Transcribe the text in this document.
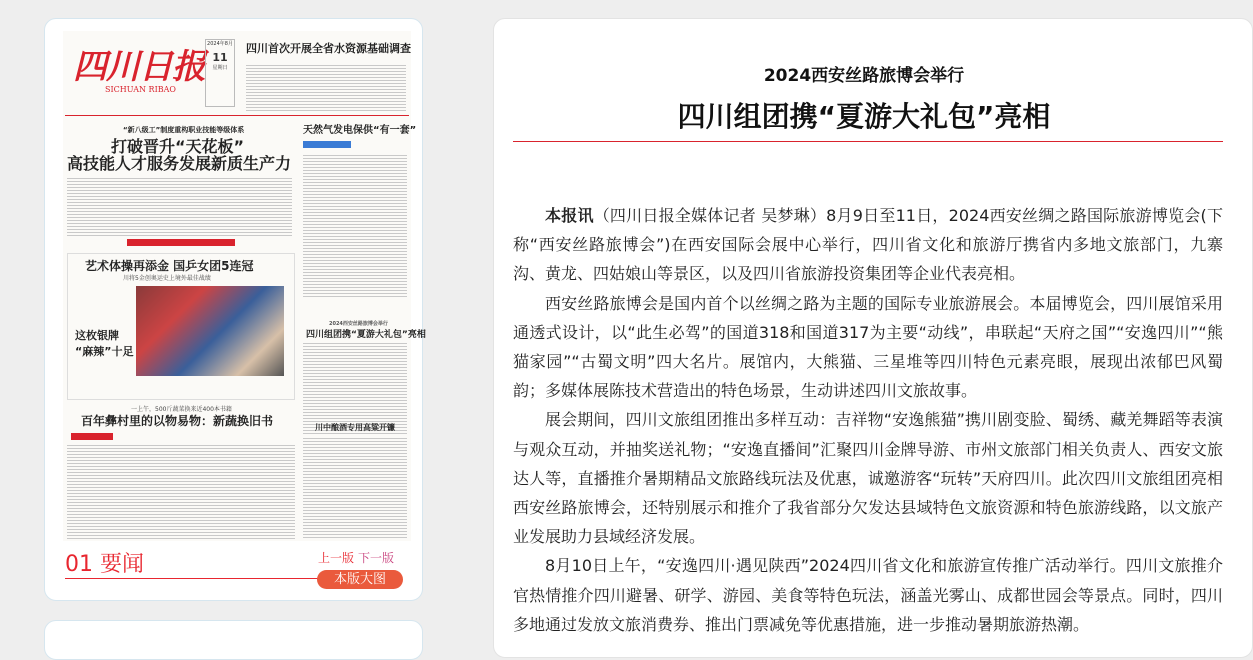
四川日报
SICHUAN RIBAO
2024年8月
11
星期日
四川首次开展全省水资源基础调查
“新八级工”制度重构职业技能等级体系
打破晋升“天花板”
高技能人才服务发展新质生产力
天然气发电保供“有一套”
艺术体操再添金 国乒女团5连冠
川将5金创奥运史上境外最佳战绩
这枚银牌
“麻辣”十足
2024西安丝路旅博会举行
四川组团携“夏游大礼包”亮相
一上午，500斤蔬菜换来近400本书籍
百年彝村里的以物易物：新蔬换旧书	川中酿酒专用高粱开镰
01 要闻	上一版 下一版
本版大图
2024西安丝路旅博会举行
四川组团携“夏游大礼包”亮相

本报讯（四川日报全媒体记者 吴梦琳）8月9日至11日，2024西安丝绸之路国际旅游博览会(下称“西安丝路旅博会”)在西安国际会展中心举行，四川省文化和旅游厅携省内多地文旅部门，九寨沟、黄龙、四姑娘山等景区，以及四川省旅游投资集团等企业代表亮相。

西安丝路旅博会是国内首个以丝绸之路为主题的国际专业旅游展会。本届博览会，四川展馆采用通透式设计，以“此生必驾”的国道318和国道317为主要“动线”，串联起“天府之国”“安逸四川”“熊猫家园”“古蜀文明”四大名片。展馆内，大熊猫、三星堆等四川特色元素亮眼，展现出浓郁巴风蜀韵；多媒体展陈技术营造出的特色场景，生动讲述四川文旅故事。

展会期间，四川文旅组团推出多样互动：吉祥物“安逸熊猫”携川剧变脸、蜀绣、藏羌舞蹈等表演与观众互动，并抽奖送礼物；“安逸直播间”汇聚四川金牌导游、市州文旅部门相关负责人、西安文旅达人等，直播推介暑期精品文旅路线玩法及优惠，诚邀游客“玩转”天府四川。此次四川文旅组团亮相西安丝路旅博会，还特别展示和推介了我省部分欠发达县域特色文旅资源和特色旅游线路，以文旅产业发展助力县域经济发展。

8月10日上午，“安逸四川·遇见陕西”2024四川省文化和旅游宣传推广活动举行。四川文旅推介官热情推介四川避暑、研学、游园、美食等特色玩法，涵盖光雾山、成都世园会等景点。同时，四川多地通过发放文旅消费券、推出门票减免等优惠措施，进一步推动暑期旅游热潮。
